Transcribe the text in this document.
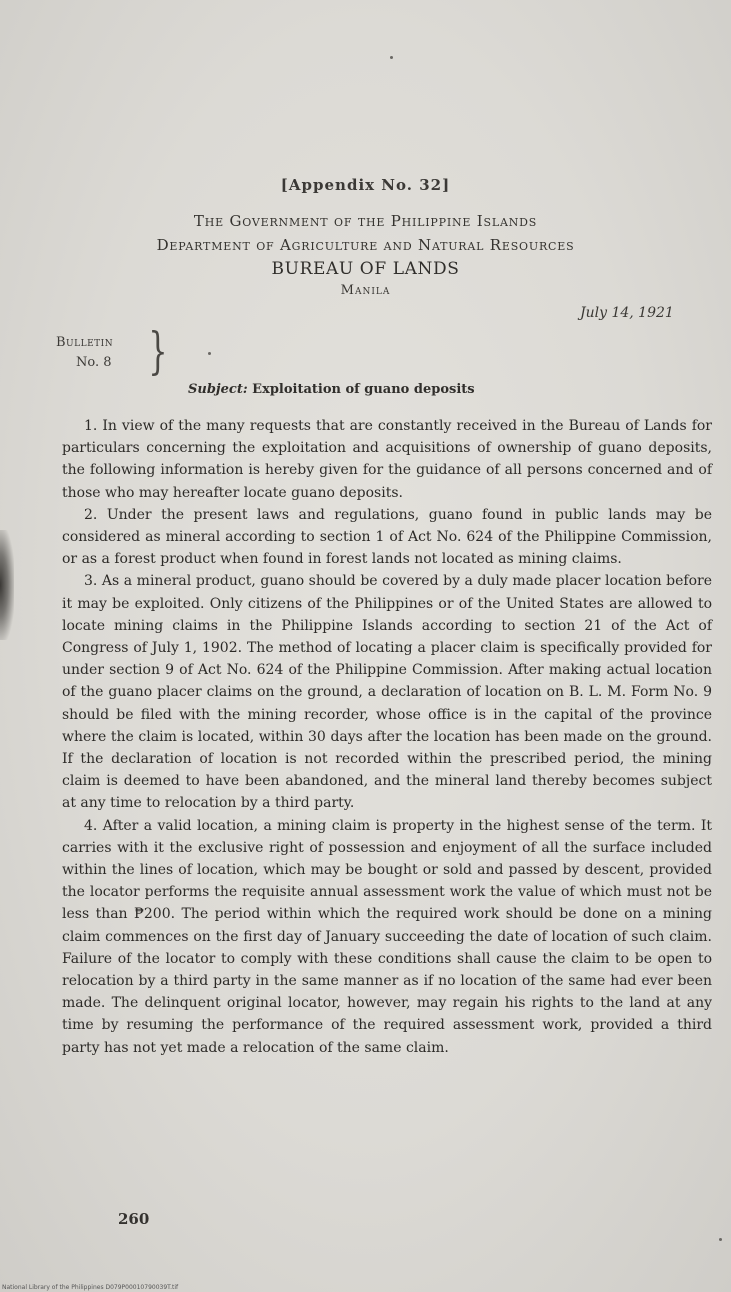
[Appendix No. 32]
The Government of the Philippine Islands
Department of Agriculture and Natural Resources
BUREAU OF LANDS
Manila
July 14, 1921
Bulletin
No. 8 }
Subject: Exploitation of guano deposits

1. In view of the many requests that are constantly received in the Bureau of Lands for particulars concerning the exploitation and acquisitions of ownership of guano deposits, the following information is hereby given for the guidance of all persons concerned and of those who may hereafter locate guano deposits.

2. Under the present laws and regulations, guano found in public lands may be considered as mineral according to section 1 of Act No. 624 of the Philippine Commission, or as a forest product when found in forest lands not located as mining claims.

3. As a mineral product, guano should be covered by a duly made placer location before it may be exploited. Only citizens of the Philippines or of the United States are allowed to locate mining claims in the Philippine Islands according to section 21 of the Act of Congress of July 1, 1902. The method of locating a placer claim is specifically provided for under section 9 of Act No. 624 of the Philippine Commission. After making actual location of the guano placer claims on the ground, a declaration of location on B. L. M. Form No. 9 should be filed with the mining recorder, whose office is in the capital of the province where the claim is located, within 30 days after the location has been made on the ground. If the declaration of location is not recorded within the prescribed period, the mining claim is deemed to have been abandoned, and the mineral land thereby becomes subject at any time to relocation by a third party.

4. After a valid location, a mining claim is property in the highest sense of the term. It carries with it the exclusive right of possession and enjoyment of all the surface included within the lines of location, which may be bought or sold and passed by descent, provided the locator performs the requisite annual assessment work the value of which must not be less than ₱200. The period within which the required work should be done on a mining claim commences on the first day of January succeeding the date of location of such claim. Failure of the locator to comply with these conditions shall cause the claim to be open to relocation by a third party in the same manner as if no location of the same had ever been made. The delinquent original locator, however, may regain his rights to the land at any time by resuming the performance of the required assessment work, provided a third party has not yet made a relocation of the same claim.

260
National Library of the Philippines D079P00010790039T.tif
